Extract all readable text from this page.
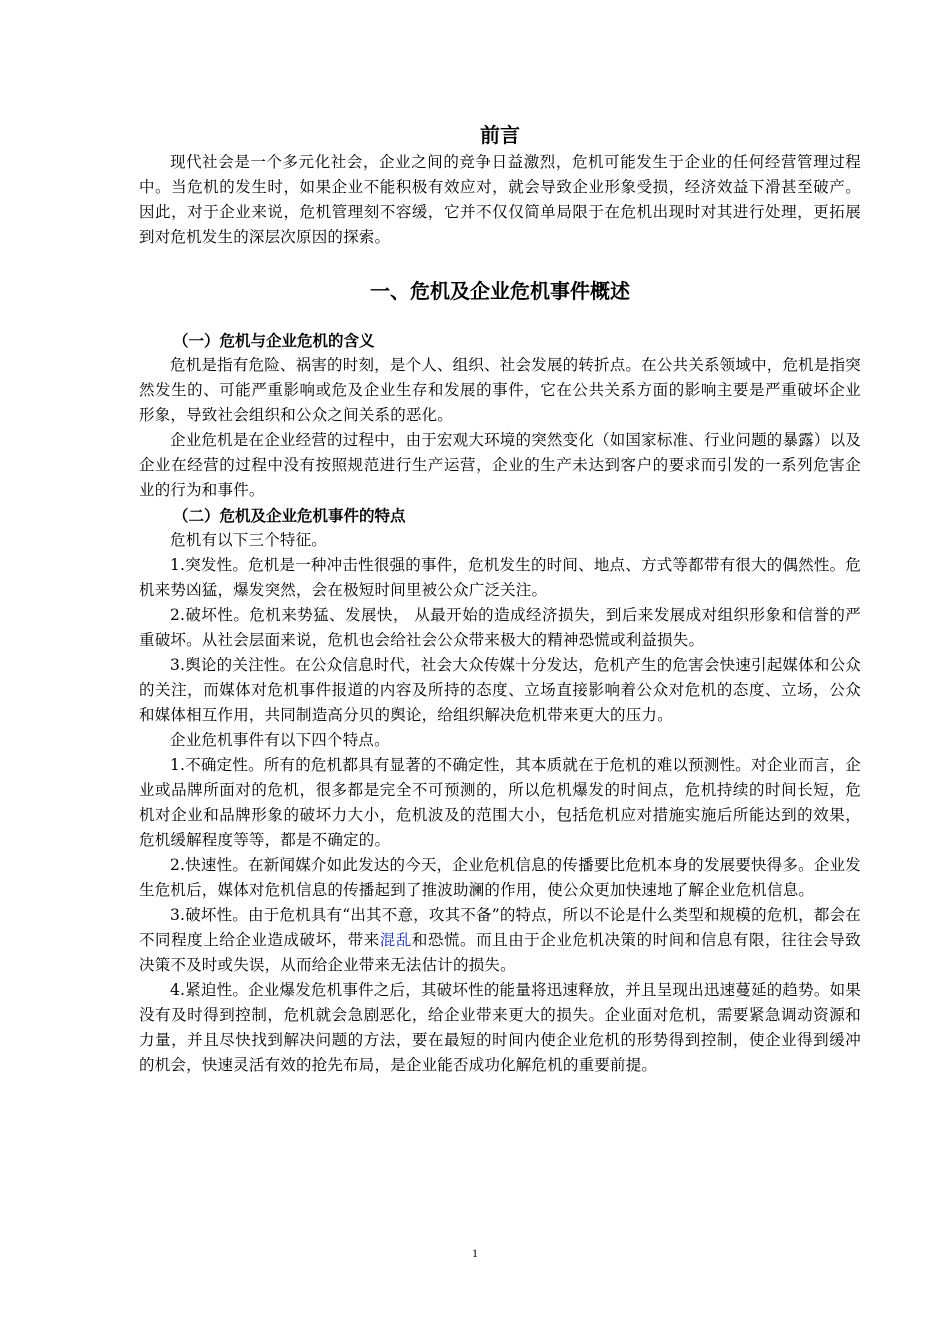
前言

现代社会是一个多元化社会，企业之间的竞争日益激烈，危机可能发生于企业的任何经营管理过程中。当危机的发生时，如果企业不能积极有效应对，就会导致企业形象受损，经济效益下滑甚至破产。因此，对于企业来说，危机管理刻不容缓，它并不仅仅简单局限于在危机出现时对其进行处理，更拓展到对危机发生的深层次原因的探索。

一、危机及企业危机事件概述
（一）危机与企业危机的含义

危机是指有危险、祸害的时刻，是个人、组织、社会发展的转折点。在公共关系领域中，危机是指突然发生的、可能严重影响或危及企业生存和发展的事件，它在公共关系方面的影响主要是严重破坏企业形象，导致社会组织和公众之间关系的恶化。

企业危机是在企业经营的过程中，由于宏观大环境的突然变化（如国家标准、行业问题的暴露）以及企业在经营的过程中没有按照规范进行生产运营，企业的生产未达到客户的要求而引发的一系列危害企业的行为和事件。

（二）危机及企业危机事件的特点

危机有以下三个特征。

1.突发性。危机是一种冲击性很强的事件，危机发生的时间、地点、方式等都带有很大的偶然性。危机来势凶猛，爆发突然，会在极短时间里被公众广泛关注。

2.破坏性。危机来势猛、发展快， 从最开始的造成经济损失，到后来发展成对组织形象和信誉的严重破坏。从社会层面来说，危机也会给社会公众带来极大的精神恐慌或利益损失。

3.舆论的关注性。在公众信息时代，社会大众传媒十分发达，危机产生的危害会快速引起媒体和公众的关注，而媒体对危机事件报道的内容及所持的态度、立场直接影响着公众对危机的态度、立场，公众和媒体相互作用，共同制造高分贝的舆论，给组织解决危机带来更大的压力。

企业危机事件有以下四个特点。

1.不确定性。所有的危机都具有显著的不确定性，其本质就在于危机的难以预测性。对企业而言，企业或品牌所面对的危机，很多都是完全不可预测的，所以危机爆发的时间点，危机持续的时间长短，危机对企业和品牌形象的破坏力大小，危机波及的范围大小，包括危机应对措施实施后所能达到的效果，危机缓解程度等等，都是不确定的。

2.快速性。在新闻媒介如此发达的今天，企业危机信息的传播要比危机本身的发展要快得多。企业发生危机后，媒体对危机信息的传播起到了推波助澜的作用，使公众更加快速地了解企业危机信息。

3.破坏性。由于危机具有“出其不意，攻其不备”的特点，所以不论是什么类型和规模的危机，都会在不同程度上给企业造成破坏，带来混乱和恐慌。而且由于企业危机决策的时间和信息有限，往往会导致决策不及时或失误，从而给企业带来无法估计的损失。

4.紧迫性。企业爆发危机事件之后，其破坏性的能量将迅速释放，并且呈现出迅速蔓延的趋势。如果没有及时得到控制，危机就会急剧恶化，给企业带来更大的损失。企业面对危机，需要紧急调动资源和力量，并且尽快找到解决问题的方法，要在最短的时间内使企业危机的形势得到控制，使企业得到缓冲的机会，快速灵活有效的抢先布局，是企业能否成功化解危机的重要前提。

1
